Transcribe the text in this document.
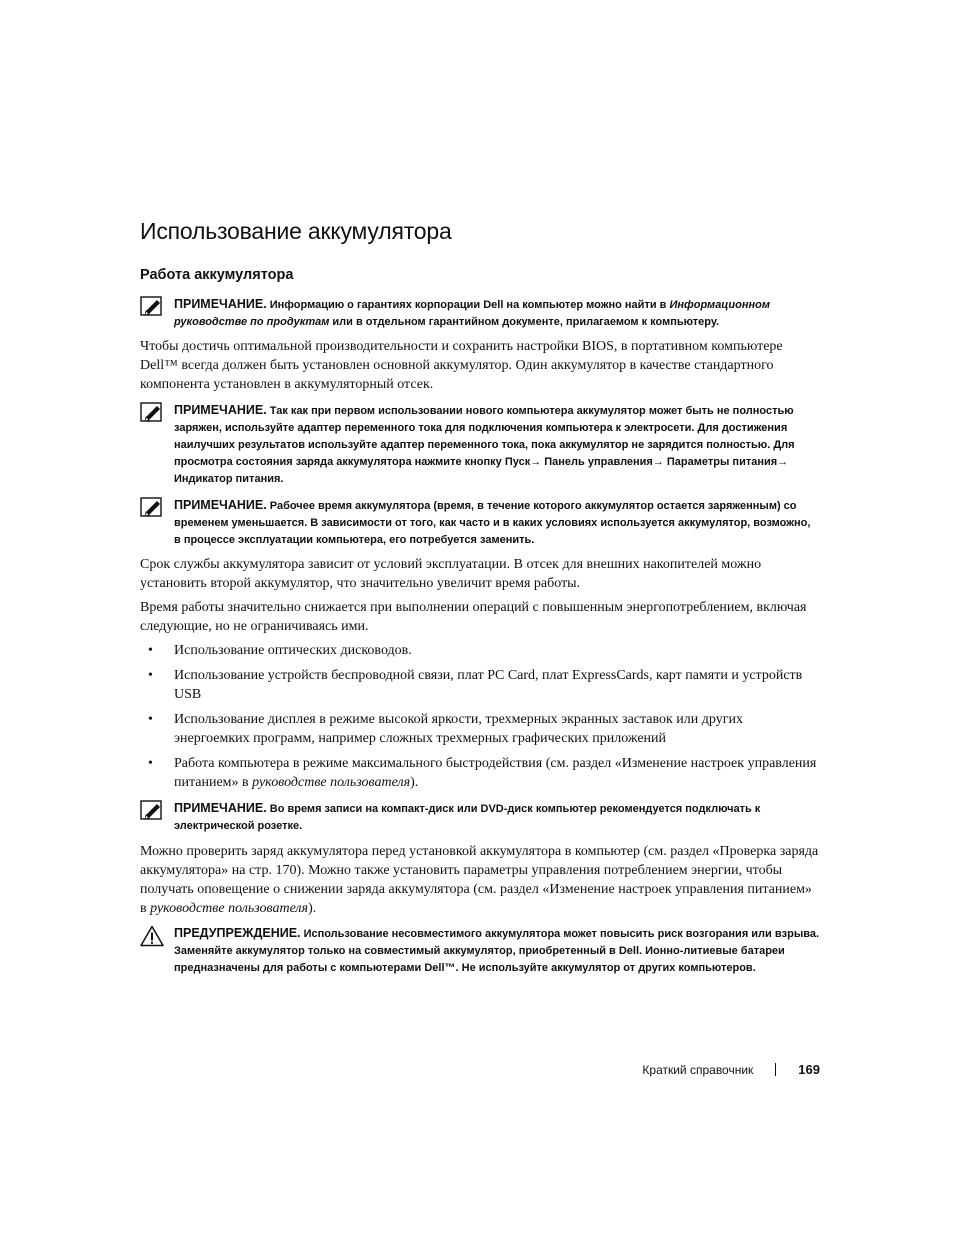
Использование аккумулятора
Работа аккумулятора
ПРИМЕЧАНИЕ. Информацию о гарантиях корпорации Dell на компьютер можно найти в Информационном руководстве по продуктам или в отдельном гарантийном документе, прилагаемом к компьютеру.

Чтобы достичь оптимальной производительности и сохранить настройки BIOS, в портативном компьютере Dell™ всегда должен быть установлен основной аккумулятор. Один аккумулятор в качестве стандартного компонента установлен в аккумуляторный отсек.

ПРИМЕЧАНИЕ. Так как при первом использовании нового компьютера аккумулятор может быть не полностью заряжен, используйте адаптер переменного тока для подключения компьютера к электросети. Для достижения наилучших результатов используйте адаптер переменного тока, пока аккумулятор не зарядится полностью. Для просмотра состояния заряда аккумулятора нажмите кнопку Пуск→ Панель управления→ Параметры питания→ Индикатор питания.
ПРИМЕЧАНИЕ. Рабочее время аккумулятора (время, в течение которого аккумулятор остается заряженным) со временем уменьшается. В зависимости от того, как часто и в каких условиях используется аккумулятор, возможно, в процессе эксплуатации компьютера, его потребуется заменить.

Срок службы аккумулятора зависит от условий эксплуатации. В отсек для внешних накопителей можно установить второй аккумулятор, что значительно увеличит время работы.

Время работы значительно снижается при выполнении операций с повышенным энергопотреблением, включая следующие, но не ограничиваясь ими.

• Использование оптических дисководов.
• Использование устройств беспроводной связи, плат PC Card, плат ExpressCards, карт памяти и устройств USB
• Использование дисплея в режиме высокой яркости, трехмерных экранных заставок или других энергоемких программ, например сложных трехмерных графических приложений
• Работа компьютера в режиме максимального быстродействия (см. раздел «Изменение настроек управления питанием» в руководстве пользователя).
ПРИМЕЧАНИЕ. Во время записи на компакт-диск или DVD-диск компьютер рекомендуется подключать к электрической розетке.

Можно проверить заряд аккумулятора перед установкой аккумулятора в компьютер (см. раздел «Проверка заряда аккумулятора» на стр. 170). Можно также установить параметры управления потреблением энергии, чтобы получать оповещение о снижении заряда аккумулятора (см. раздел «Изменение настроек управления питанием» в руководстве пользователя).

ПРЕДУПРЕЖДЕНИЕ. Использование несовместимого аккумулятора может повысить риск возгорания или взрыва. Заменяйте аккумулятор только на совместимый аккумулятор, приобретенный в Dell. Ионно-литиевые батареи предназначены для работы с компьютерами Dell™. Не используйте аккумулятор от других компьютеров.
Краткий справочник	169
